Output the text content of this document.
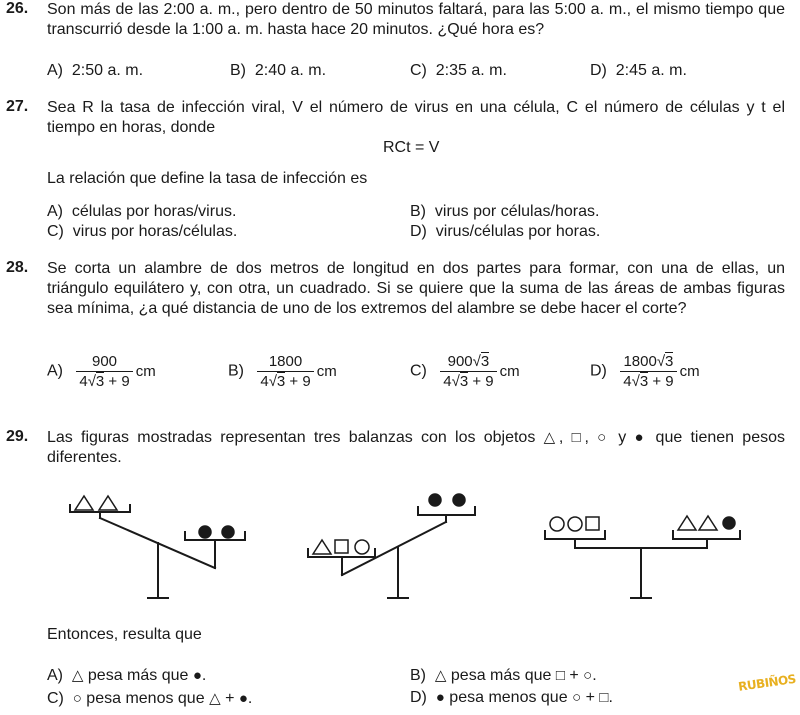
26. Son más de las 2:00 a. m., pero dentro de 50 minutos faltará, para las 5:00 a. m., el mismo tiempo que transcurrió desde la 1:00 a. m. hasta hace 20 minutos. ¿Qué hora es?
A) 2:50 a. m.	B) 2:40 a. m.	C) 2:35 a. m.	D) 2:45 a. m.
27. Sea R la tasa de infección viral, V el número de virus en una célula, C el número de células y t el tiempo en horas, donde
RCt = V
La relación que define la tasa de infección es
A) células por horas/virus.	B) virus por células/horas.
C) virus por horas/células.	D) virus/células por horas.
28. Se corta un alambre de dos metros de longitud en dos partes para formar, con una de ellas, un triángulo equilátero y, con otra, un cuadrado. Si se quiere que la suma de las áreas de ambas figuras sea mínima, ¿a qué distancia de uno de los extremos del alambre se debe hacer el corte?
$A) \frac{900}{4√3 + 9}$ cm	$B) \frac{1800}{4√3 + 9}$ cm	$C) \frac{900√3}{4√3 + 9}$ cm	$D) \frac{1800√3}{4√3 + 9}$ cm
29. Las figuras mostradas representan tres balanzas con los objetos △, □, ○ y ● que tienen pesos diferentes.
Entonces, resulta que
A) △ pesa más que ●.	B) △ pesa más que □ + ○.
C) ○ pesa menos que △ + ●.	D) ● pesa menos que ○ + □.
RUBIÑOS
